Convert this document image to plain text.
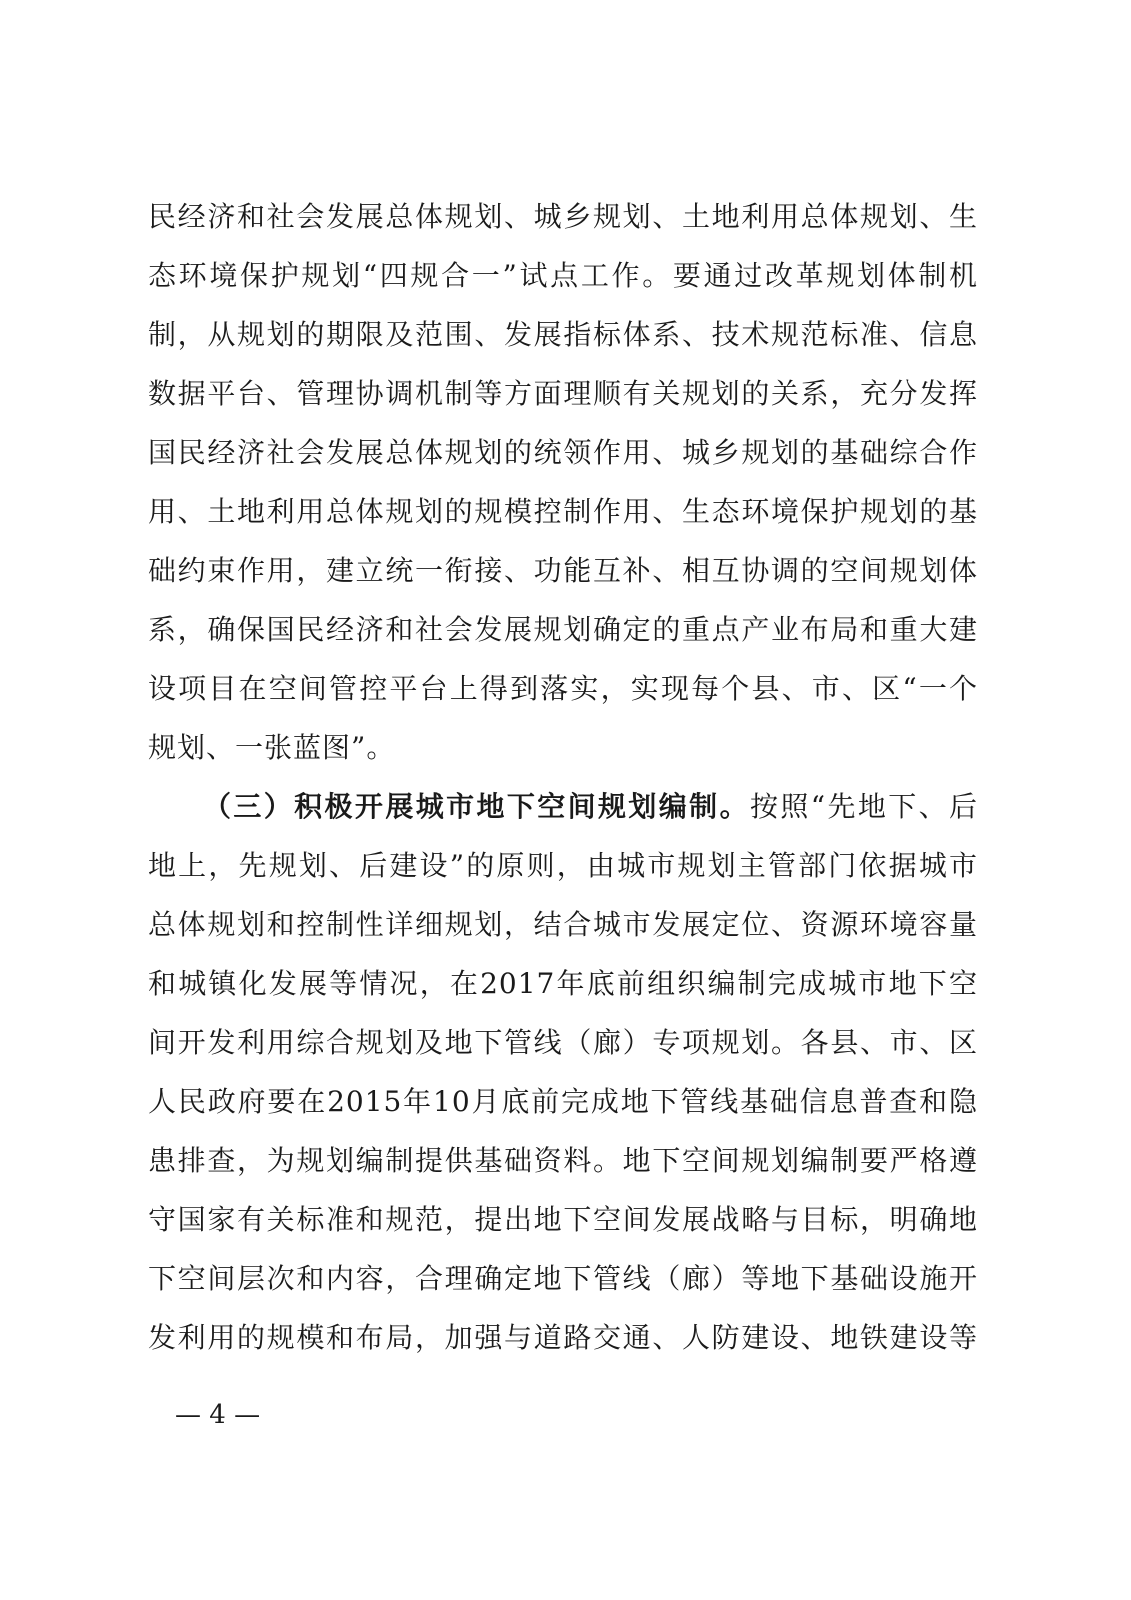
民经济和社会发展总体规划、城乡规划、土地利用总体规划、生
态环境保护规划“四规合一”试点工作。要通过改革规划体制机
制，从规划的期限及范围、发展指标体系、技术规范标准、信息
数据平台、管理协调机制等方面理顺有关规划的关系，充分发挥
国民经济社会发展总体规划的统领作用、城乡规划的基础综合作
用、土地利用总体规划的规模控制作用、生态环境保护规划的基
础约束作用，建立统一衔接、功能互补、相互协调的空间规划体
系，确保国民经济和社会发展规划确定的重点产业布局和重大建
设项目在空间管控平台上得到落实，实现每个县、市、区“一个
规划、一张蓝图”。
（三）积极开展城市地下空间规划编制。按照“先地下、后
地上，先规划、后建设”的原则，由城市规划主管部门依据城市
总体规划和控制性详细规划，结合城市发展定位、资源环境容量
和城镇化发展等情况，在2017年底前组织编制完成城市地下空
间开发利用综合规划及地下管线（廊）专项规划。各县、市、区
人民政府要在2015年10月底前完成地下管线基础信息普查和隐
患排查，为规划编制提供基础资料。地下空间规划编制要严格遵
守国家有关标准和规范，提出地下空间发展战略与目标，明确地
下空间层次和内容，合理确定地下管线（廊）等地下基础设施开
发利用的规模和布局，加强与道路交通、人防建设、地铁建设等
— 4 —
